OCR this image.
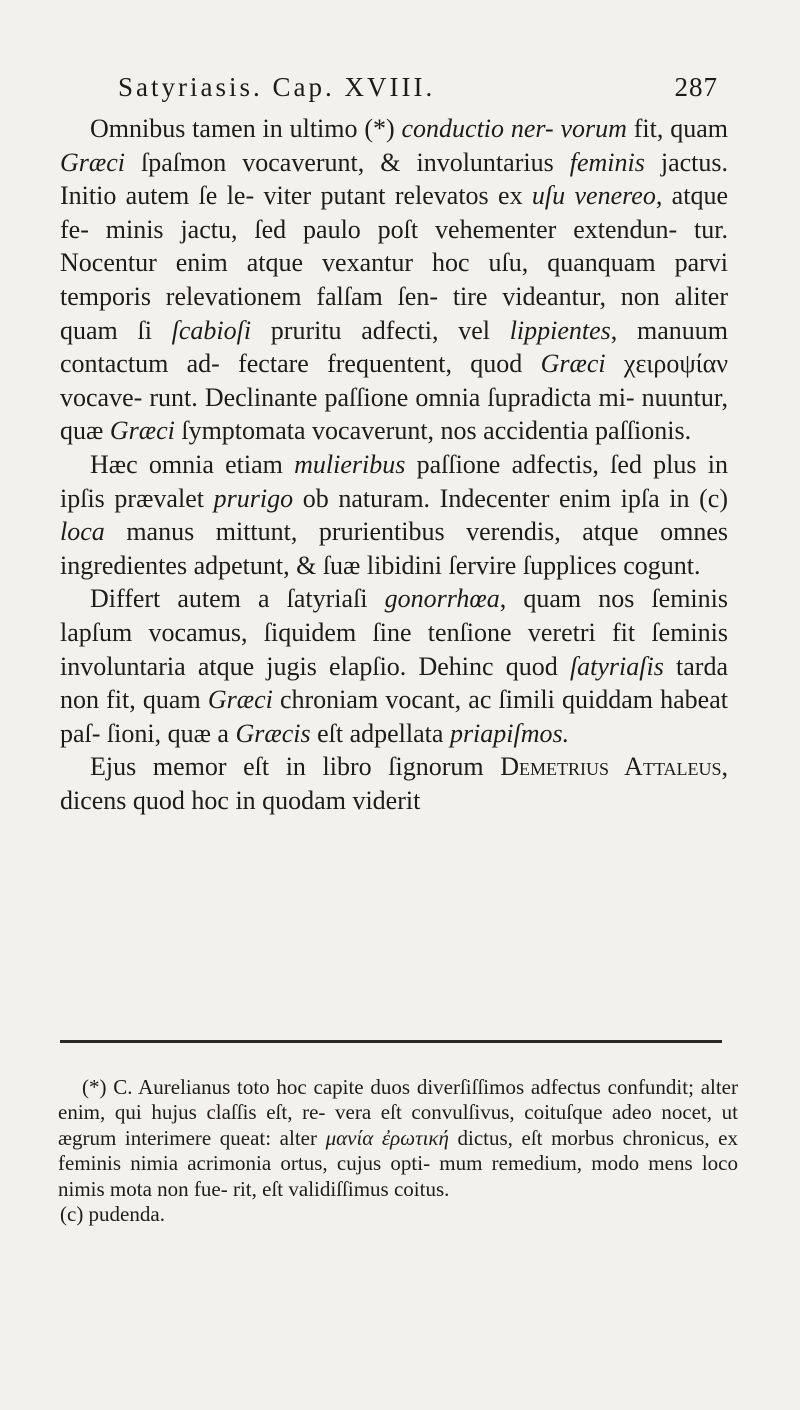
Satyriasis. Cap. XVIII.	287

Omnibus tamen in ultimo (*) conductio ner- vorum fit, quam Græci ſpaſmon vocaverunt, & involuntarius feminis jactus. Initio autem ſe le- viter putant relevatos ex uſu venereo, atque fe- minis jactu, ſed paulo poſt vehementer extendun- tur. Nocentur enim atque vexantur hoc uſu, quanquam parvi temporis relevationem falſam ſen- tire videantur, non aliter quam ſi ſcabioſi pruritu adfecti, vel lippientes, manuum contactum ad- fectare frequentent, quod Græci χειροψίαν vocave- runt. Declinante paſſione omnia ſupradicta mi- nuuntur, quæ Græci ſymptomata vocaverunt, nos accidentia paſſionis.

Hæc omnia etiam mulieribus paſſione adfectis, ſed plus in ipſis prævalet prurigo ob naturam. Indecenter enim ipſa in (c) loca manus mittunt, prurientibus verendis, atque omnes ingredientes adpetunt, & ſuæ libidini ſervire ſupplices cogunt.

Differt autem a ſatyriaſi gonorrhœa, quam nos ſeminis lapſum vocamus, ſiquidem ſine tenſione veretri fit ſeminis involuntaria atque jugis elapſio. Dehinc quod ſatyriaſis tarda non fit, quam Græci chroniam vocant, ac ſimili quiddam habeat paſ- ſioni, quæ a Græcis eſt adpellata priapiſmos.

Ejus memor eſt in libro ſignorum Demetrius Attaleus, dicens quod hoc in quodam viderit

(*) C. Aurelianus toto hoc capite duos diverſiſſimos adfectus confundit; alter enim, qui hujus claſſis eſt, re- vera eſt convulſivus, coituſque adeo nocet, ut ægrum interimere queat: alter μανία ἐρωτική dictus, eſt morbus chronicus, ex feminis nimia acrimonia ortus, cujus opti- mum remedium, modo mens loco nimis mota non fue- rit, eſt validiſſimus coitus.

(c) pudenda.
